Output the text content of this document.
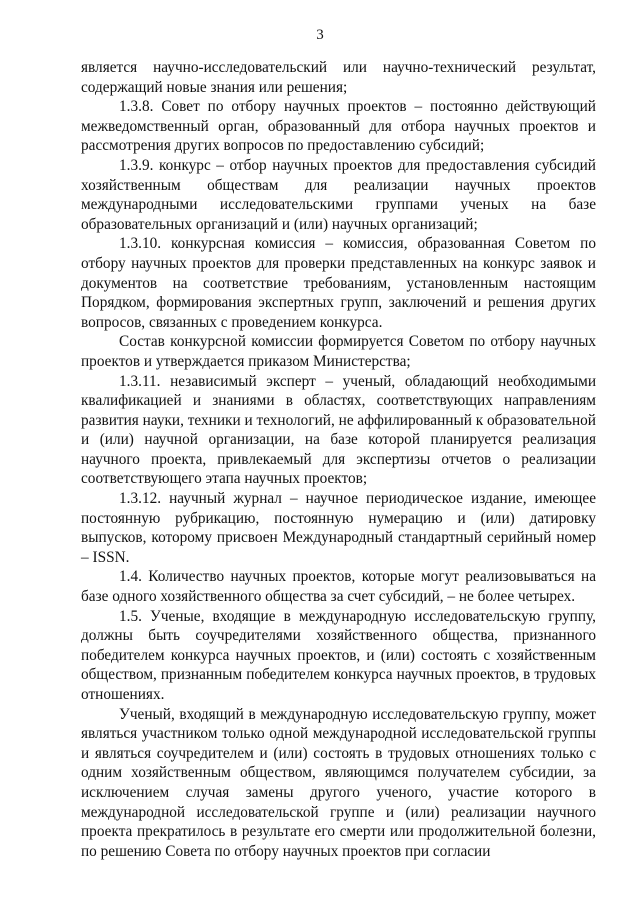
3

является научно-исследовательский или научно-технический результат, содержащий новые знания или решения;

1.3.8. Совет по отбору научных проектов – постоянно действующий межведомственный орган, образованный для отбора научных проектов и рассмотрения других вопросов по предоставлению субсидий;

1.3.9. конкурс – отбор научных проектов для предоставления субсидий хозяйственным обществам для реализации научных проектов международными исследовательскими группами ученых на базе образовательных организаций и (или) научных организаций;

1.3.10. конкурсная комиссия – комиссия, образованная Советом по отбору научных проектов для проверки представленных на конкурс заявок и документов на соответствие требованиям, установленным настоящим Порядком, формирования экспертных групп, заключений и решения других вопросов, связанных с проведением конкурса.

Состав конкурсной комиссии формируется Советом по отбору научных проектов и утверждается приказом Министерства;

1.3.11. независимый эксперт – ученый, обладающий необходимыми квалификацией и знаниями в областях, соответствующих направлениям развития науки, техники и технологий, не аффилированный к образовательной и (или) научной организации, на базе которой планируется реализация научного проекта, привлекаемый для экспертизы отчетов о реализации соответствующего этапа научных проектов;

1.3.12. научный журнал – научное периодическое издание, имеющее постоянную рубрикацию, постоянную нумерацию и (или) датировку выпусков, которому присвоен Международный стандартный серийный номер – ISSN.

1.4. Количество научных проектов, которые могут реализовываться на базе одного хозяйственного общества за счет субсидий, – не более четырех.

1.5. Ученые, входящие в международную исследовательскую группу, должны быть соучредителями хозяйственного общества, признанного победителем конкурса научных проектов, и (или) состоять с хозяйственным обществом, признанным победителем конкурса научных проектов, в трудовых отношениях.

Ученый, входящий в международную исследовательскую группу, может являться участником только одной международной исследовательской группы и являться соучредителем и (или) состоять в трудовых отношениях только с одним хозяйственным обществом, являющимся получателем субсидии, за исключением случая замены другого ученого, участие которого в международной исследовательской группе и (или) реализации научного проекта прекратилось в результате его смерти или продолжительной болезни, по решению Совета по отбору научных проектов при согласии
